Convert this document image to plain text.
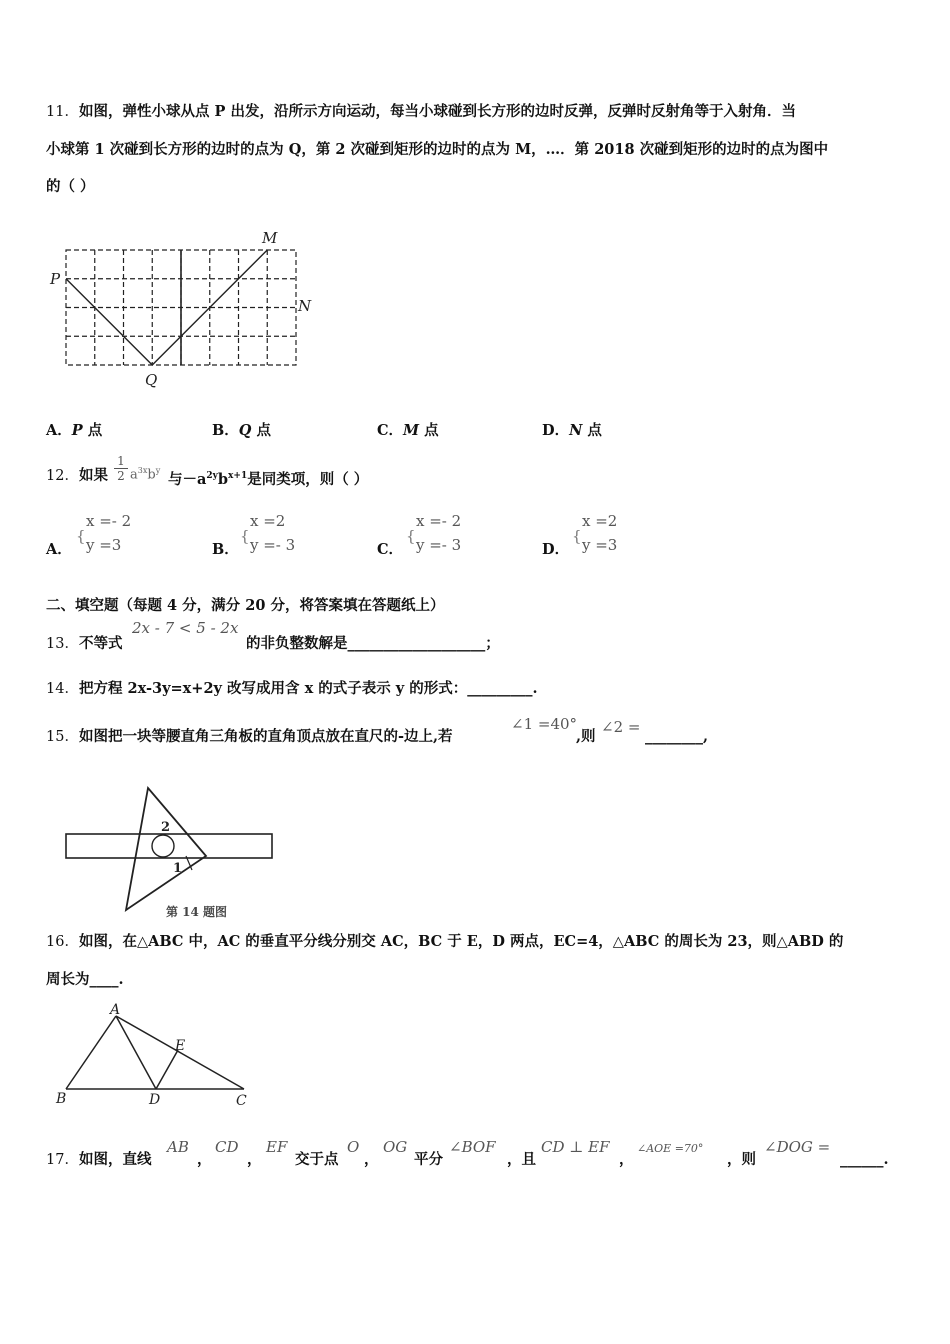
11．如图，弹性小球从点 P 出发，沿所示方向运动，每当小球碰到长方形的边时反弹，反弹时反射角等于入射角．当
小球第 1 次碰到长方形的边时的点为 Q，第 2 次碰到矩形的边时的点为 M，…．第 2018 次碰到矩形的边时的点为图中
的（ ）
P
Q
M
N
A．P 点	B．Q 点	C．M 点	D．N 点
12．如果 $\frac{1}{2} a^{3x}b^y$
与$-a^{2y}b^{x+1}$是同类项，则（ ）
A．
{
x =- 2
y =3	B．
{
x =2
y =- 3	C．
{
x =- 2
y =- 3	D．
{
x =2
y =3
二、填空题（每题 4 分，满分 20 分，将答案填在答题纸上）
13．不等式
2x - 7 < 5 - 2x
的非负整数解是___________________；
14．把方程 2x-3y=x+2y 改写成用含 x 的式子表示 y 的形式：_________.
15．如图把一块等腰直角三角板的直角顶点放在直尺的-边上,若
∠1 =40°
,则
∠2 =
________,
2
1
第 14 题图
16．如图，在△ABC 中，AC 的垂直平分线分别交 AC，BC 于 E，D 两点，EC=4，△ABC 的周长为 23，则△ABD 的
周长为____.
A
B	C
D
E
17．如图，直线
AB
，
CD
，
EF
交于点
O
，
OG
平分
∠BOF
，且
CD ⊥ EF
，
∠AOE =70°
，则
∠DOG =
______.
